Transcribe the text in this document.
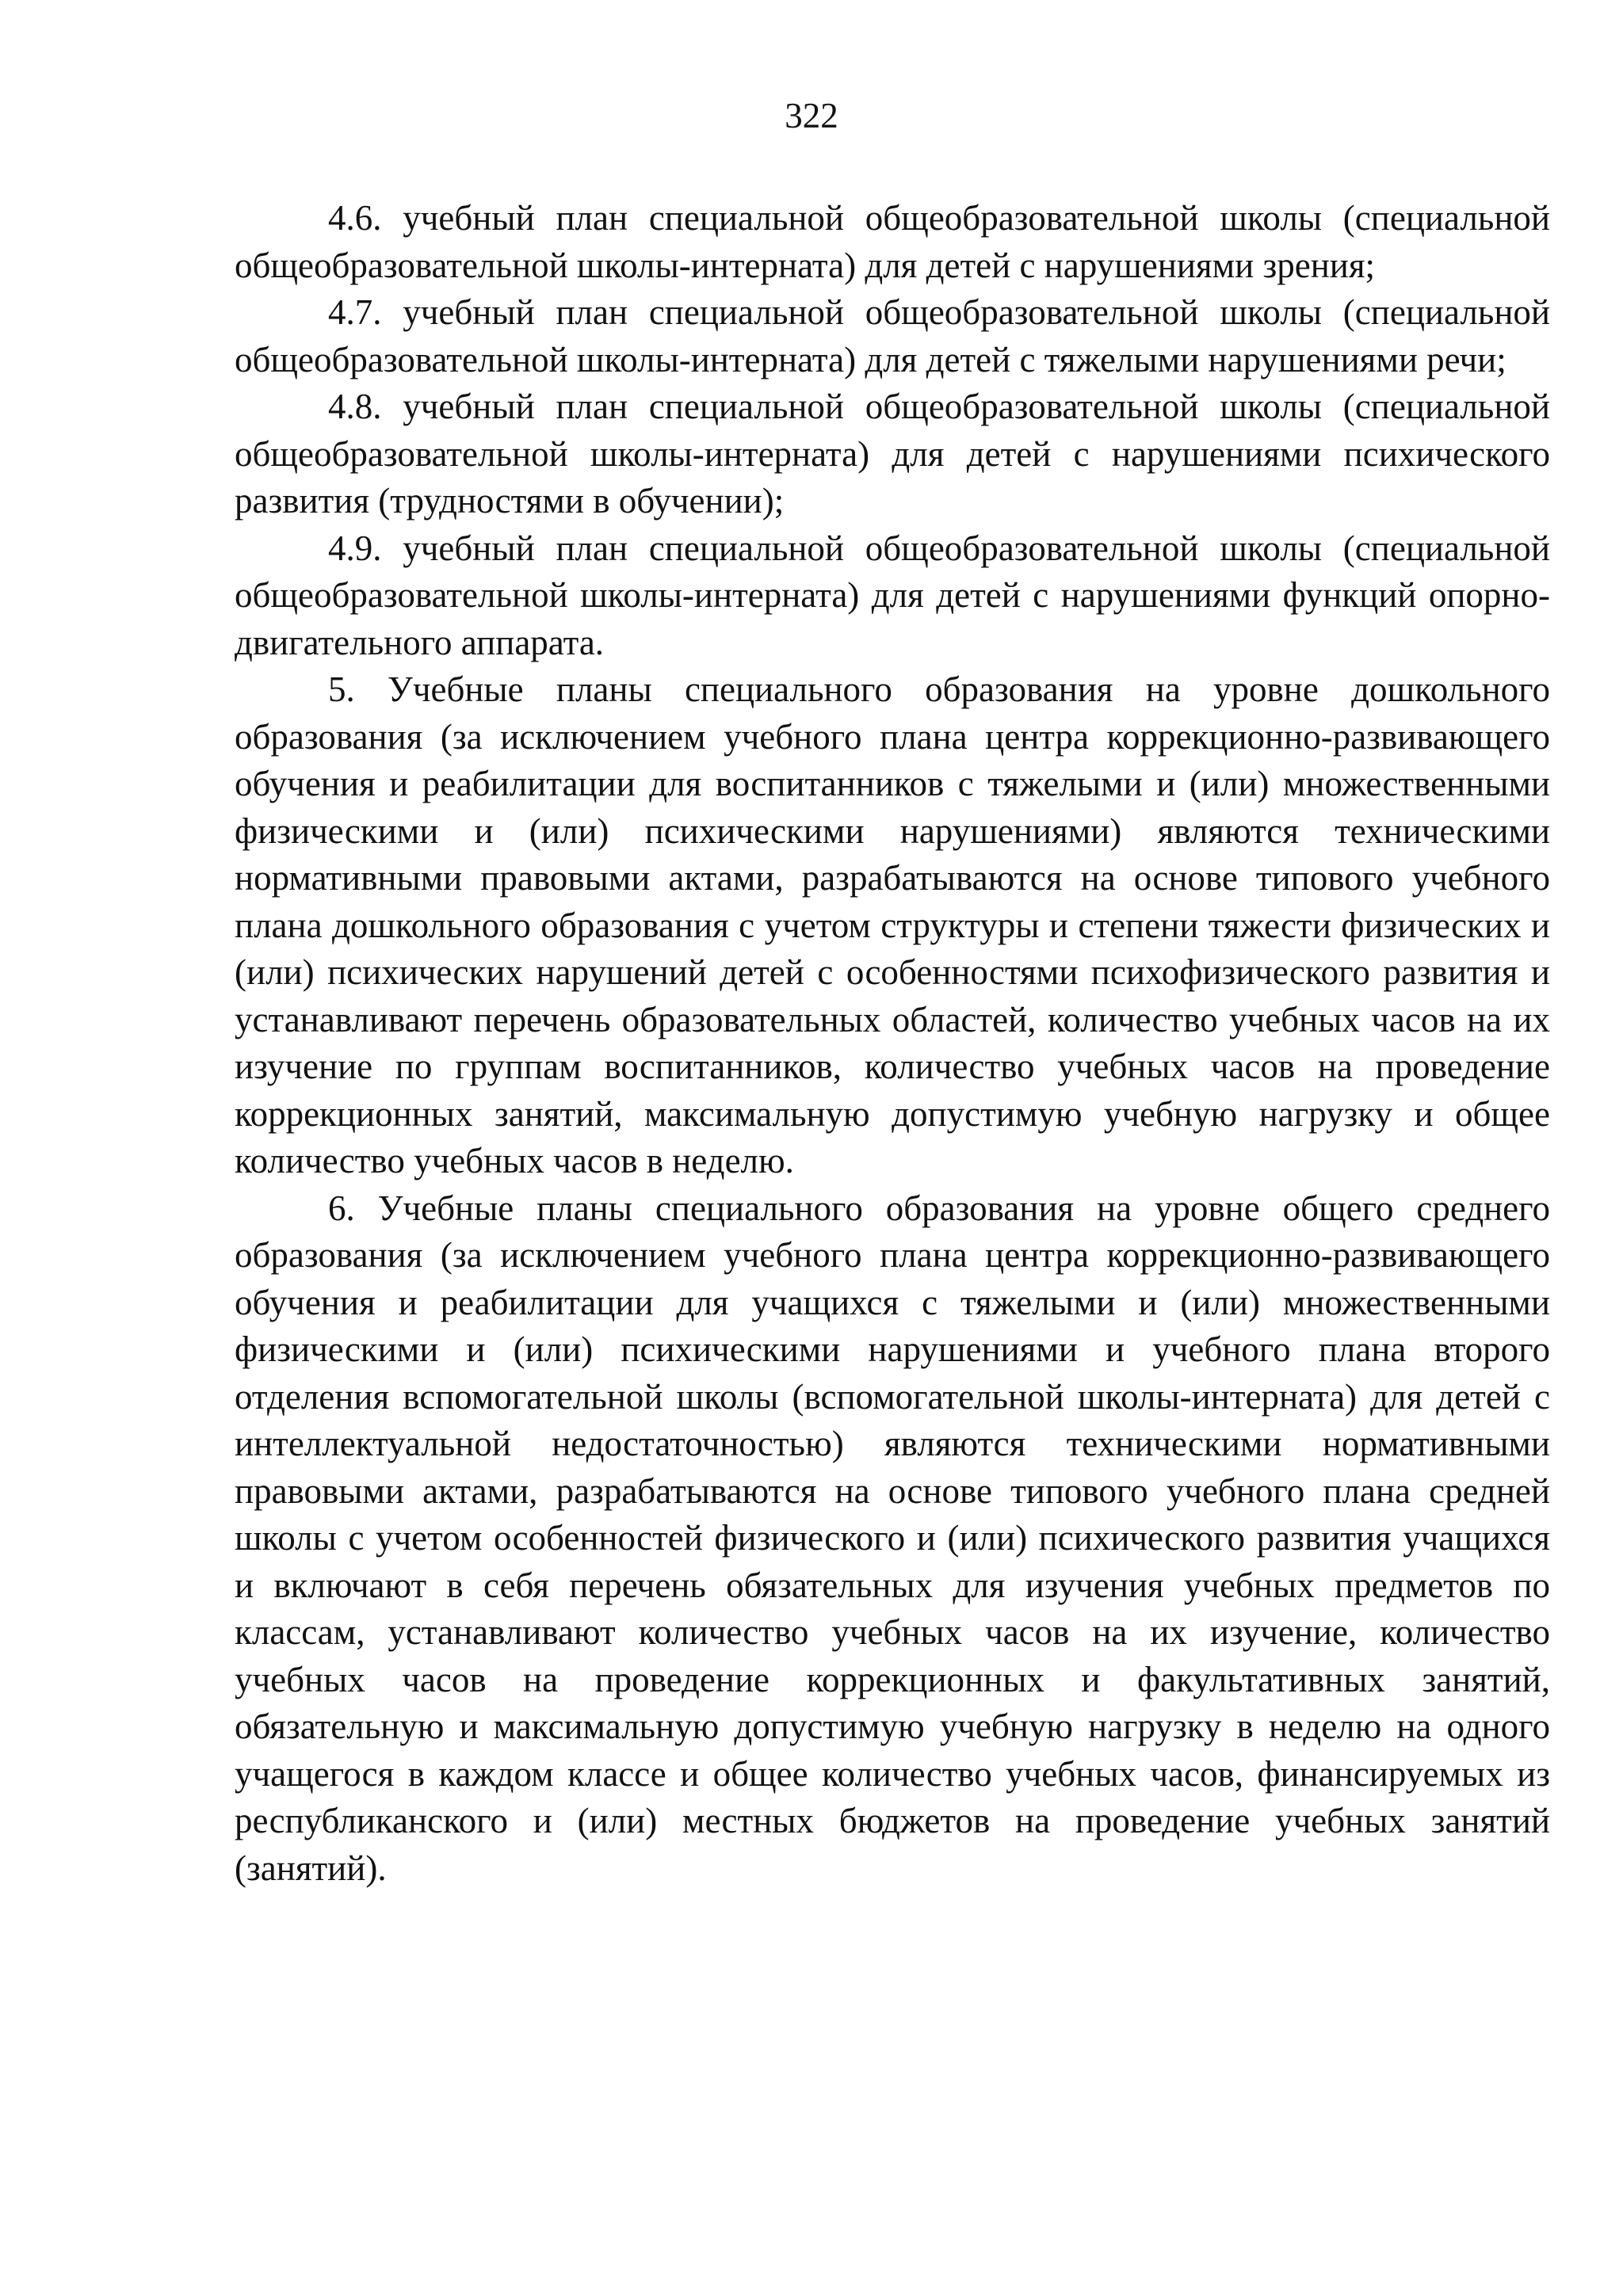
322

4.6. учебный план специальной общеобразовательной школы (специальной общеобразовательной школы-интерната) для детей с нарушениями зрения;

4.7. учебный план специальной общеобразовательной школы (специальной общеобразовательной школы-интерната) для детей с тяжелыми нарушениями речи;

4.8. учебный план специальной общеобразовательной школы (специальной общеобразовательной школы-интерната) для детей с нарушениями психического развития (трудностями в обучении);

4.9. учебный план специальной общеобразовательной школы (специальной общеобразовательной школы-интерната) для детей с нарушениями функций опорно-двигательного аппарата.

5. Учебные планы специального образования на уровне дошкольного образования (за исключением учебного плана центра коррекционно-развивающего обучения и реабилитации для воспитанников с тяжелыми и (или) множественными физическими и (или) психическими нарушениями) являются техническими нормативными правовыми актами, разрабатываются на основе типового учебного плана дошкольного образования с учетом структуры и степени тяжести физических и (или) психических нарушений детей с особенностями психофизического развития и устанавливают перечень образовательных областей, количество учебных часов на их изучение по группам воспитанников, количество учебных часов на проведение коррекционных занятий, максимальную допустимую учебную нагрузку и общее количество учебных часов в неделю.

6. Учебные планы специального образования на уровне общего среднего образования (за исключением учебного плана центра коррекционно-развивающего обучения и реабилитации для учащихся с тяжелыми и (или) множественными физическими и (или) психическими нарушениями и учебного плана второго отделения вспомогательной школы (вспомогательной школы-интерната) для детей с интеллектуальной недостаточностью) являются техническими нормативными правовыми актами, разрабатываются на основе типового учебного плана средней школы с учетом особенностей физического и (или) психического развития учащихся и включают в себя перечень обязательных для изучения учебных предметов по классам, устанавливают количество учебных часов на их изучение, количество учебных часов на проведение коррекционных и факультативных занятий, обязательную и максимальную допустимую учебную нагрузку в неделю на одного учащегося в каждом классе и общее количество учебных часов, финансируемых из республиканского и (или) местных бюджетов на проведение учебных занятий (занятий).
